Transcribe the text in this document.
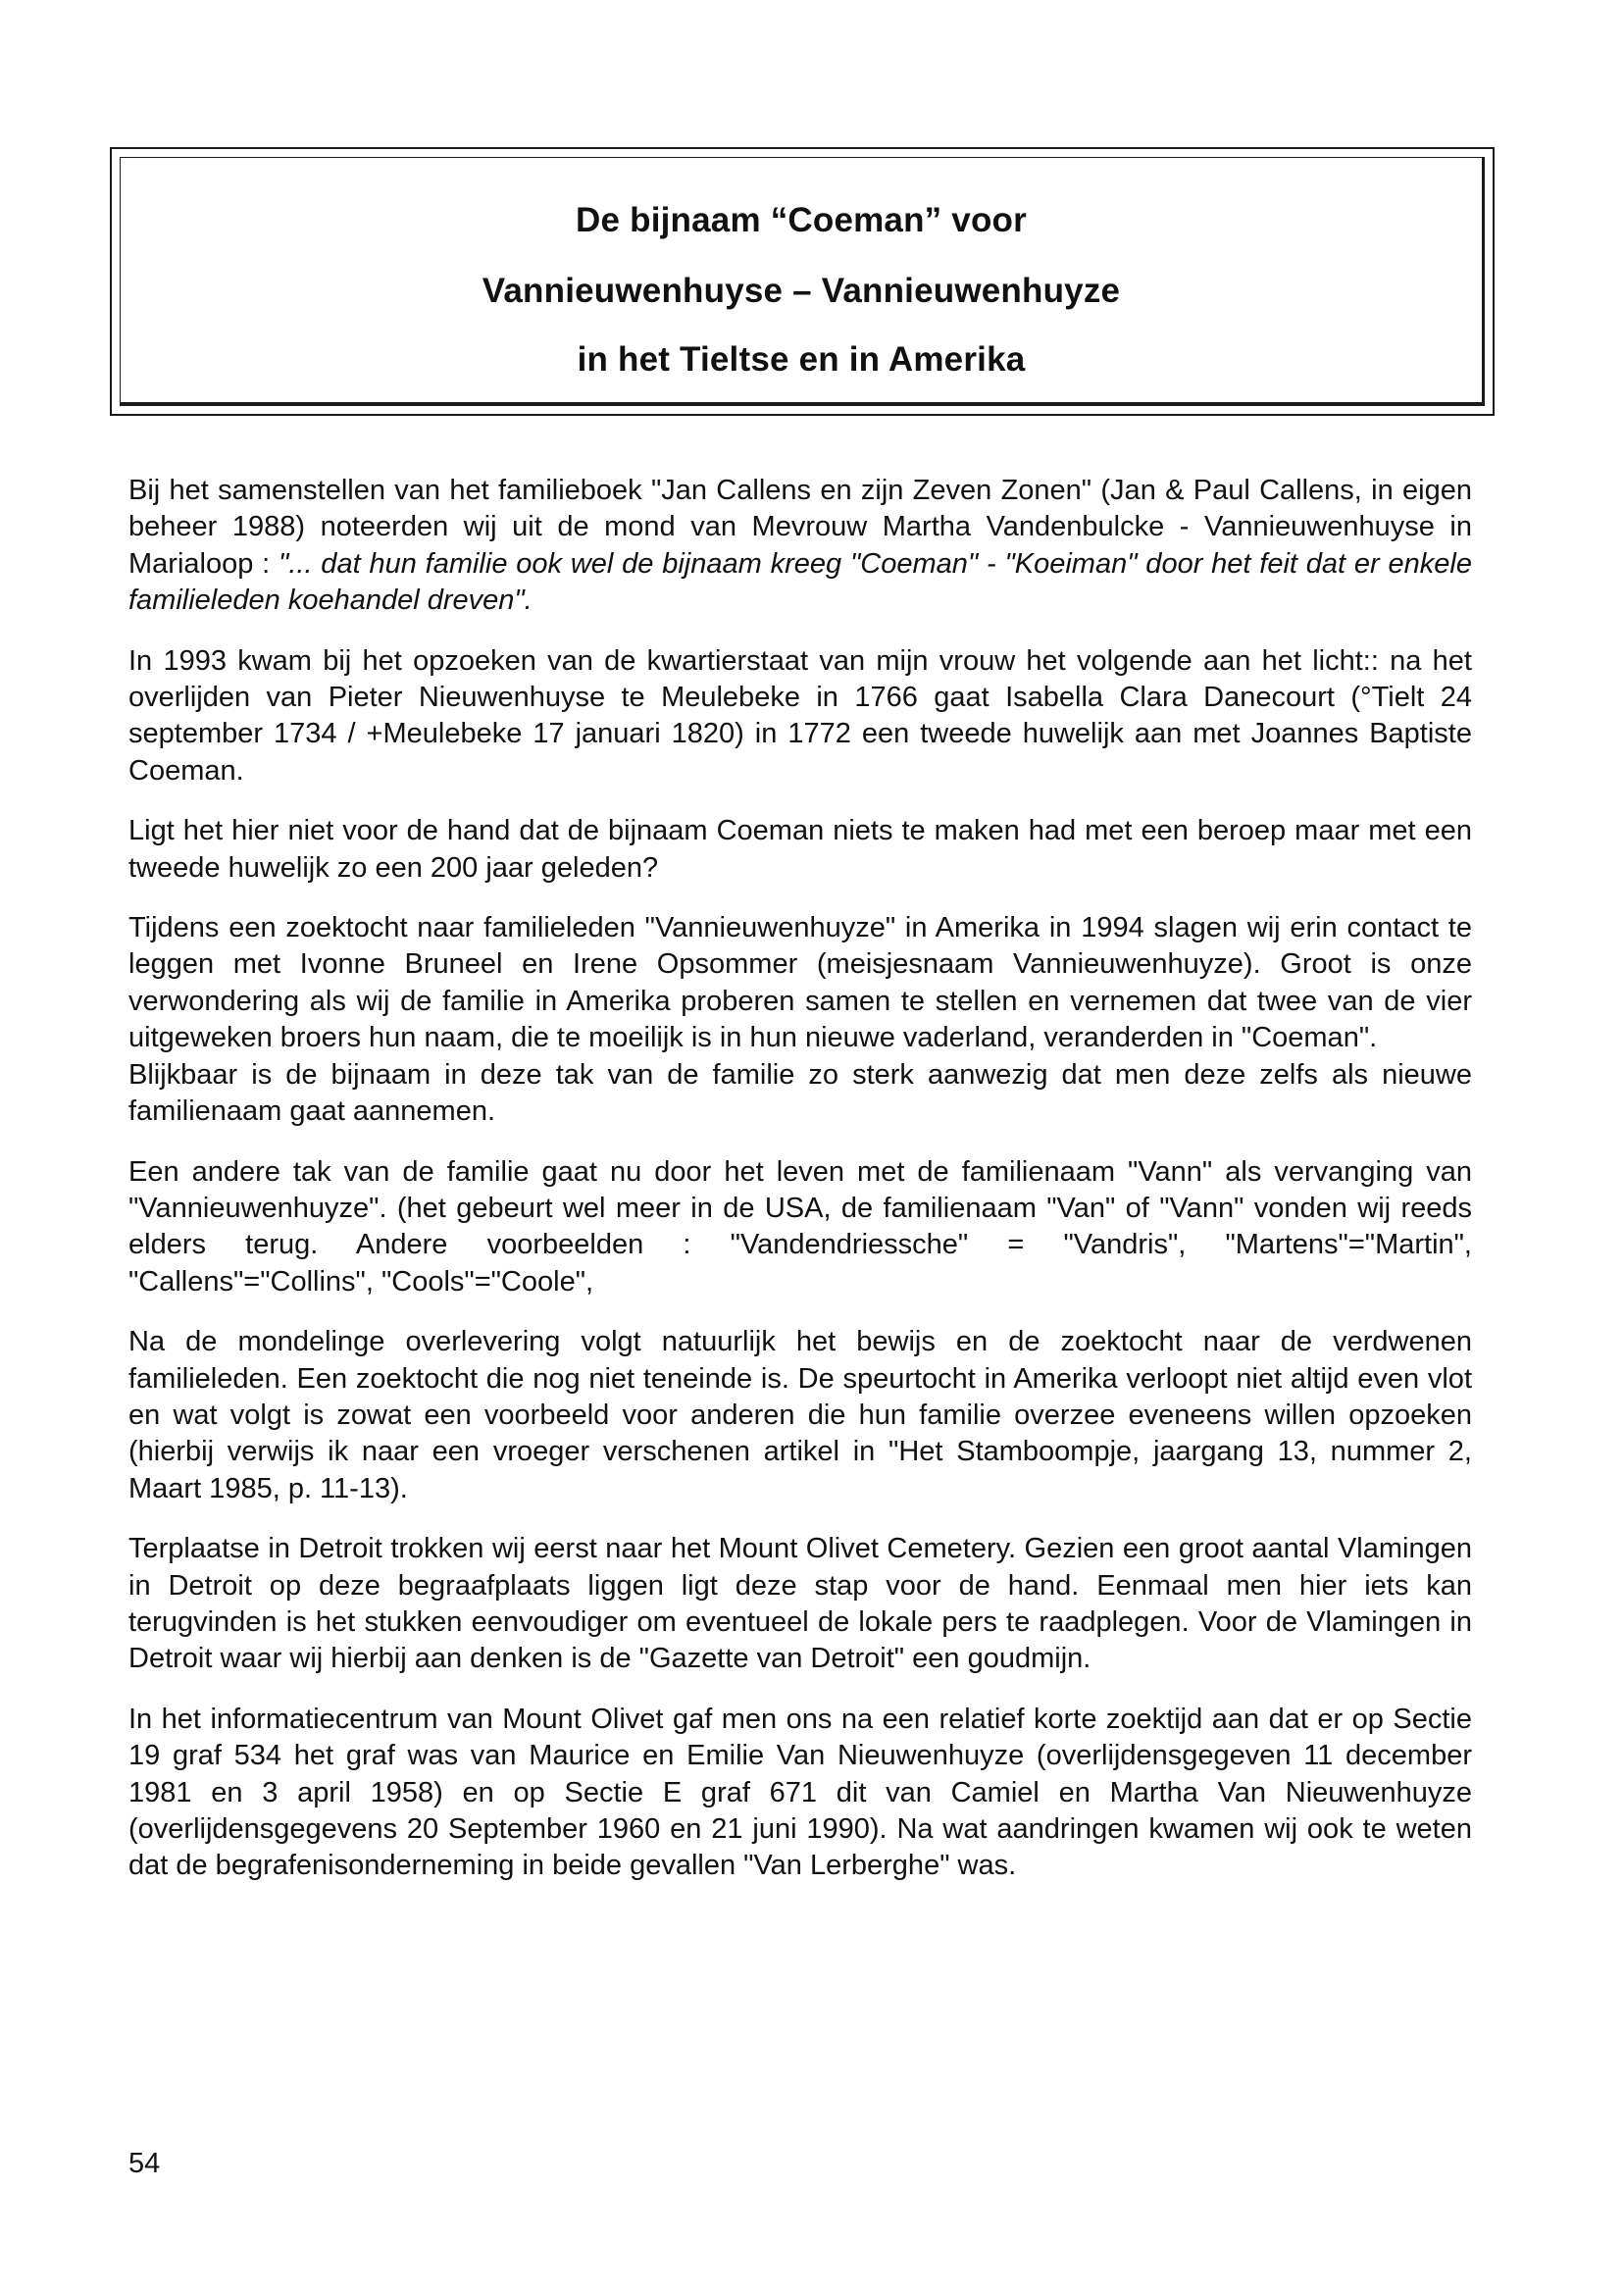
De bijnaam “Coeman” voor
Vannieuwenhuyse – Vannieuwenhuyze
in het Tieltse en in Amerika

Bij het samenstellen van het familieboek "Jan Callens en zijn Zeven Zonen" (Jan & Paul Callens, in eigen beheer 1988) noteerden wij uit de mond van Mevrouw Martha Vandenbulcke - Vannieuwenhuyse in Marialoop : "... dat hun familie ook wel de bijnaam kreeg "Coeman" - "Koeiman" door het feit dat er enkele familieleden koehandel dreven".

In 1993 kwam bij het opzoeken van de kwartierstaat van mijn vrouw het volgende aan het licht:: na het overlijden van Pieter Nieuwenhuyse te Meulebeke in 1766 gaat Isabella Clara Danecourt (°Tielt 24 september 1734 / +Meulebeke 17 januari 1820) in 1772 een tweede huwelijk aan met Joannes Baptiste Coeman.

Ligt het hier niet voor de hand dat de bijnaam Coeman niets te maken had met een beroep maar met een tweede huwelijk zo een 200 jaar geleden?

Tijdens een zoektocht naar familieleden "Vannieuwenhuyze" in Amerika in 1994 slagen wij erin contact te leggen met Ivonne Bruneel en Irene Opsommer (meisjesnaam Vannieuwenhuyze). Groot is onze verwondering als wij de familie in Amerika proberen samen te stellen en vernemen dat twee van de vier uitgeweken broers hun naam, die te moeilijk is in hun nieuwe vaderland, veranderden in "Coeman".
Blijkbaar is de bijnaam in deze tak van de familie zo sterk aanwezig dat men deze zelfs als nieuwe familienaam gaat aannemen.

Een andere tak van de familie gaat nu door het leven met de familienaam "Vann" als vervanging van "Vannieuwenhuyze". (het gebeurt wel meer in de USA, de familienaam "Van" of "Vann" vonden wij reeds elders terug. Andere voorbeelden : "Vandendriessche" = "Vandris", "Martens"="Martin", "Callens"="Collins", "Cools"="Coole",

Na de mondelinge overlevering volgt natuurlijk het bewijs en de zoektocht naar de verdwenen familieleden. Een zoektocht die nog niet teneinde is. De speurtocht in Amerika verloopt niet altijd even vlot en wat volgt is zowat een voorbeeld voor anderen die hun familie overzee eveneens willen opzoeken (hierbij verwijs ik naar een vroeger verschenen artikel in "Het Stamboompje, jaargang 13, nummer 2, Maart 1985, p. 11-13).

Terplaatse in Detroit trokken wij eerst naar het Mount Olivet Cemetery. Gezien een groot aantal Vlamingen in Detroit op deze begraafplaats liggen ligt deze stap voor de hand. Eenmaal men hier iets kan terugvinden is het stukken eenvoudiger om eventueel de lokale pers te raadplegen. Voor de Vlamingen in Detroit waar wij hierbij aan denken is de "Gazette van Detroit" een goudmijn.

In het informatiecentrum van Mount Olivet gaf men ons na een relatief korte zoektijd aan dat er op Sectie 19 graf 534 het graf was van Maurice en Emilie Van Nieuwenhuyze (overlijdensgegeven 11 december 1981 en 3 april 1958) en op Sectie E graf 671 dit van Camiel en Martha Van Nieuwenhuyze (overlijdensgegevens 20 September 1960 en 21 juni 1990). Na wat aandringen kwamen wij ook te weten dat de begrafenisonderneming in beide gevallen "Van Lerberghe" was.

54
